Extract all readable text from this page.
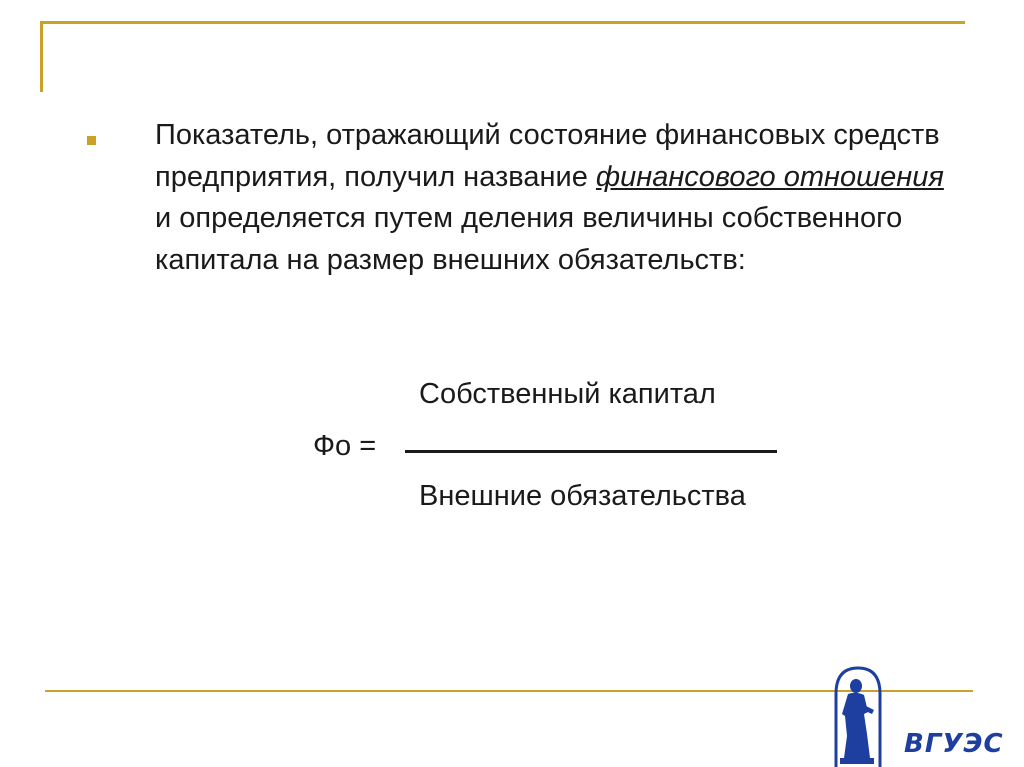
Показатель, отражающий состояние финансовых средств предприятия, получил название финансового отношения и определяется путем деления величины собственного капитала на размер внешних обязательств:

Собственный капитал
Фо =
Внешние обязательства
ВГУЭС
